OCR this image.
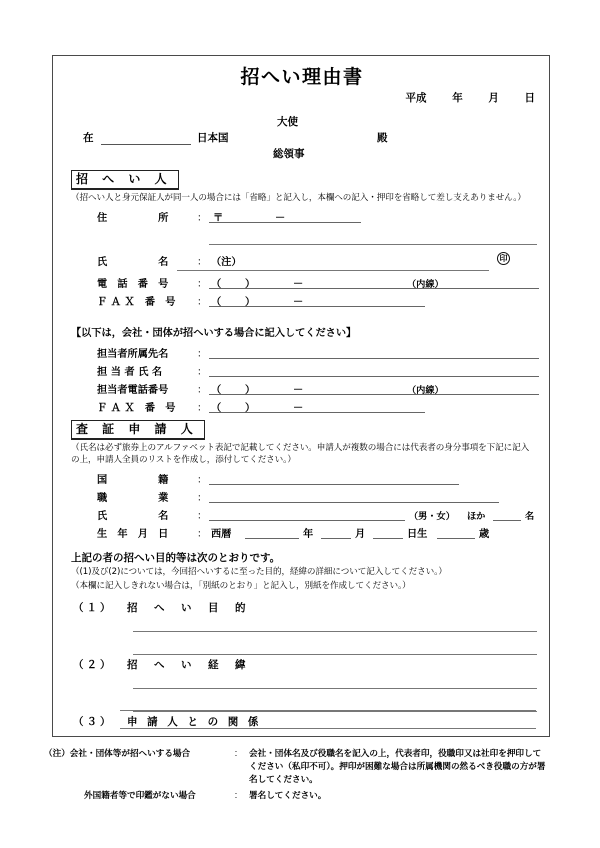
招へい理由書
平成 年 月 日
在	日本国
大使
総領事
殿
招 へ い 人
（招へい人と身元保証人が同一人の場合には「省略」と記入し，本欄への記入・押印を省略して差し支えありません。）
住　　　　　所	： 〒	－
氏　　　　　名	： （注）	印
電　話　番　号	： （ ）	－	（内線）
Ｆ Ａ Ｘ　番　号	： （ ）	－
【以下は，会社・団体が招へいする場合に記入してください】
担当者所属先名	：
担 当 者 氏 名	：
担当者電話番号	： （ ）	－	（内線）
Ｆ Ａ Ｘ　番　号	： （ ）	－
査 証 申 請 人
（氏名は必ず旅券上のアルファベット表記で記載してください。申請人が複数の場合には代表者の身分事項を下記に記入
の上，申請人全員のリストを作成し，添付してください。）
国　　　　　籍	：
職　　　　　業	：
氏　　　　　名	：	（男・女） ほか	名
生　年　月　日	： 西暦	年	月	日生	歳
上記の者の招へい目的等は次のとおりです。
（(1)及び(2)については，今回招へいするに至った目的，経緯の詳細について記入してください。）
（本欄に記入しきれない場合は，「別紙のとおり」と記入し，別紙を作成してください。）
（１） 招　へ　い　目　的
（２） 招　へ　い　経　緯
（３） 申 請 人 と の 関 係
（注）会社・団体等が招へいする場合	： 会社・団体名及び役職名を記入の上，代表者印，役職印又は社印を押印してください（私印不可）。押印が困難な場合は所属機関の然るべき役職の方が署名してください。
外国籍者等で印鑑がない場合	： 署名してください。
